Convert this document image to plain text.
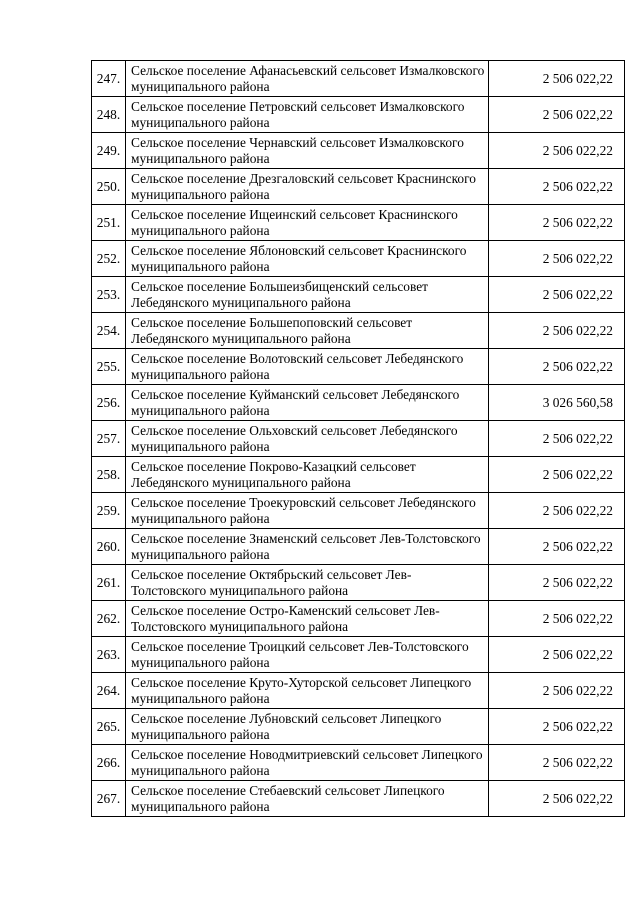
247.	Сельское поселение Афанасьевский сельсовет Измалковского муниципального района	2 506 022,22
248.	Сельское поселение Петровский сельсовет Измалковского муниципального района	2 506 022,22
249.	Сельское поселение Чернавский сельсовет Измалковского муниципального района	2 506 022,22
250.	Сельское поселение Дрезгаловский сельсовет Краснинского муниципального района	2 506 022,22
251.	Сельское поселение Ищеинский сельсовет Краснинского муниципального района	2 506 022,22
252.	Сельское поселение Яблоновский сельсовет Краснинского муниципального района	2 506 022,22
253.	Сельское поселение Большеизбищенский сельсовет Лебедянского муниципального района	2 506 022,22
254.	Сельское поселение Большепоповский сельсовет Лебедянского муниципального района	2 506 022,22
255.	Сельское поселение Волотовский сельсовет Лебедянского муниципального района	2 506 022,22
256.	Сельское поселение Куйманский сельсовет Лебедянского муниципального района	3 026 560,58
257.	Сельское поселение Ольховский сельсовет Лебедянского муниципального района	2 506 022,22
258.	Сельское поселение Покрово-Казацкий сельсовет Лебедянского муниципального района	2 506 022,22
259.	Сельское поселение Троекуровский сельсовет Лебедянского муниципального района	2 506 022,22
260.	Сельское поселение Знаменский сельсовет Лев-Толстовского муниципального района	2 506 022,22
261.	Сельское поселение Октябрьский сельсовет Лев-Толстовского муниципального района	2 506 022,22
262.	Сельское поселение Остро-Каменский сельсовет Лев-Толстовского муниципального района	2 506 022,22
263.	Сельское поселение Троицкий сельсовет Лев-Толстовского муниципального района	2 506 022,22
264.	Сельское поселение Круто-Хуторской сельсовет Липецкого муниципального района	2 506 022,22
265.	Сельское поселение Лубновский сельсовет Липецкого муниципального района	2 506 022,22
266.	Сельское поселение Новодмитриевский сельсовет Липецкого муниципального района	2 506 022,22
267.	Сельское поселение Стебаевский сельсовет Липецкого муниципального района	2 506 022,22
